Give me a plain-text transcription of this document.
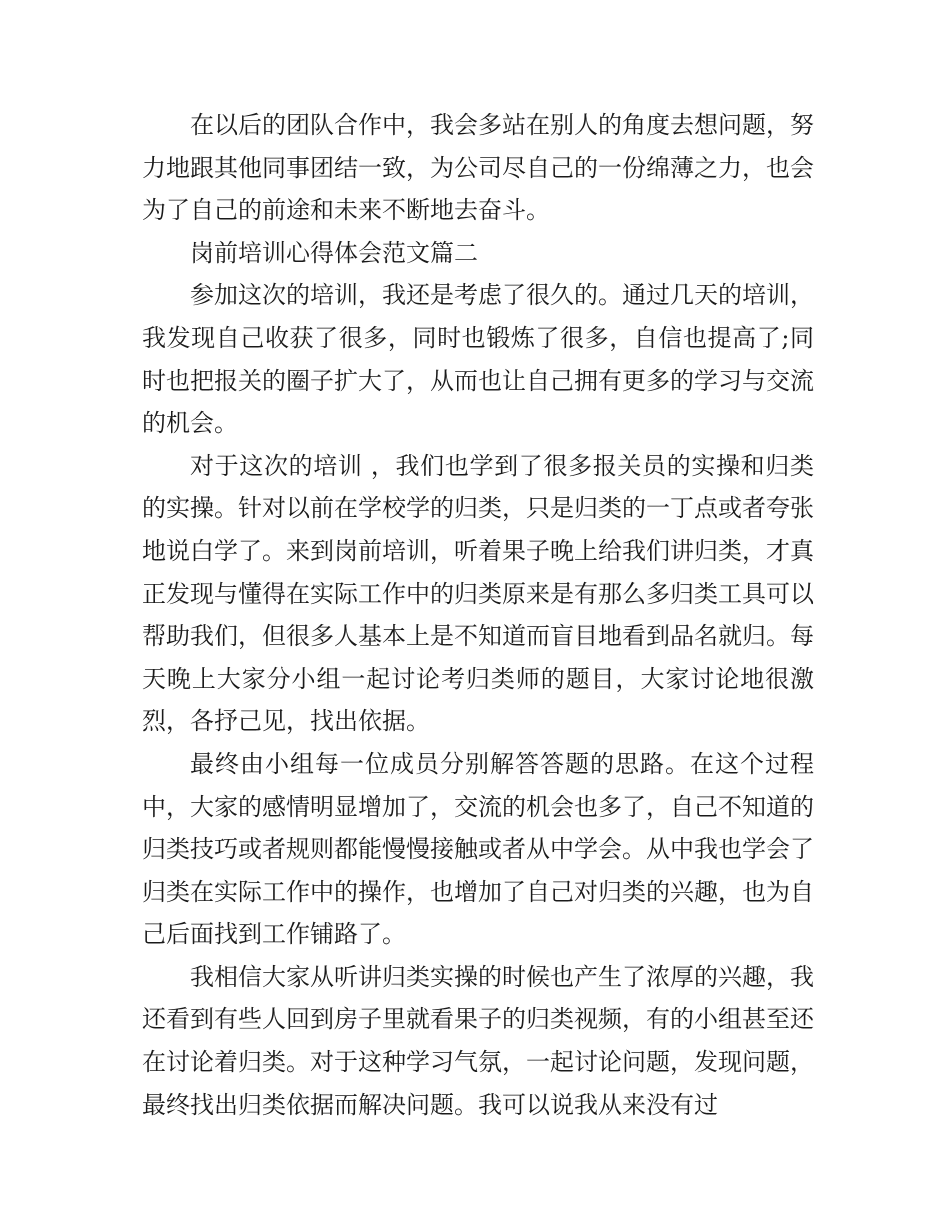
在以后的团队合作中，我会多站在别人的角度去想问题，努力地跟其他同事团结一致，为公司尽自己的一份绵薄之力，也会为了自己的前途和未来不断地去奋斗。

岗前培训心得体会范文篇二

参加这次的培训，我还是考虑了很久的。通过几天的培训，我发现自己收获了很多，同时也锻炼了很多，自信也提高了;同时也把报关的圈子扩大了，从而也让自己拥有更多的学习与交流的机会。

对于这次的培训 ，我们也学到了很多报关员的实操和归类的实操。针对以前在学校学的归类，只是归类的一丁点或者夸张地说白学了。来到岗前培训，听着果子晚上给我们讲归类，才真正发现与懂得在实际工作中的归类原来是有那么多归类工具可以帮助我们，但很多人基本上是不知道而盲目地看到品名就归。每天晚上大家分小组一起讨论考归类师的题目，大家讨论地很激烈，各抒己见，找出依据。

最终由小组每一位成员分别解答答题的思路。在这个过程中，大家的感情明显增加了，交流的机会也多了，自己不知道的归类技巧或者规则都能慢慢接触或者从中学会。从中我也学会了归类在实际工作中的操作，也增加了自己对归类的兴趣，也为自己后面找到工作铺路了。

我相信大家从听讲归类实操的时候也产生了浓厚的兴趣，我还看到有些人回到房子里就看果子的归类视频，有的小组甚至还在讨论着归类。对于这种学习气氛，一起讨论问题，发现问题，最终找出归类依据而解决问题。我可以说我从来没有过
